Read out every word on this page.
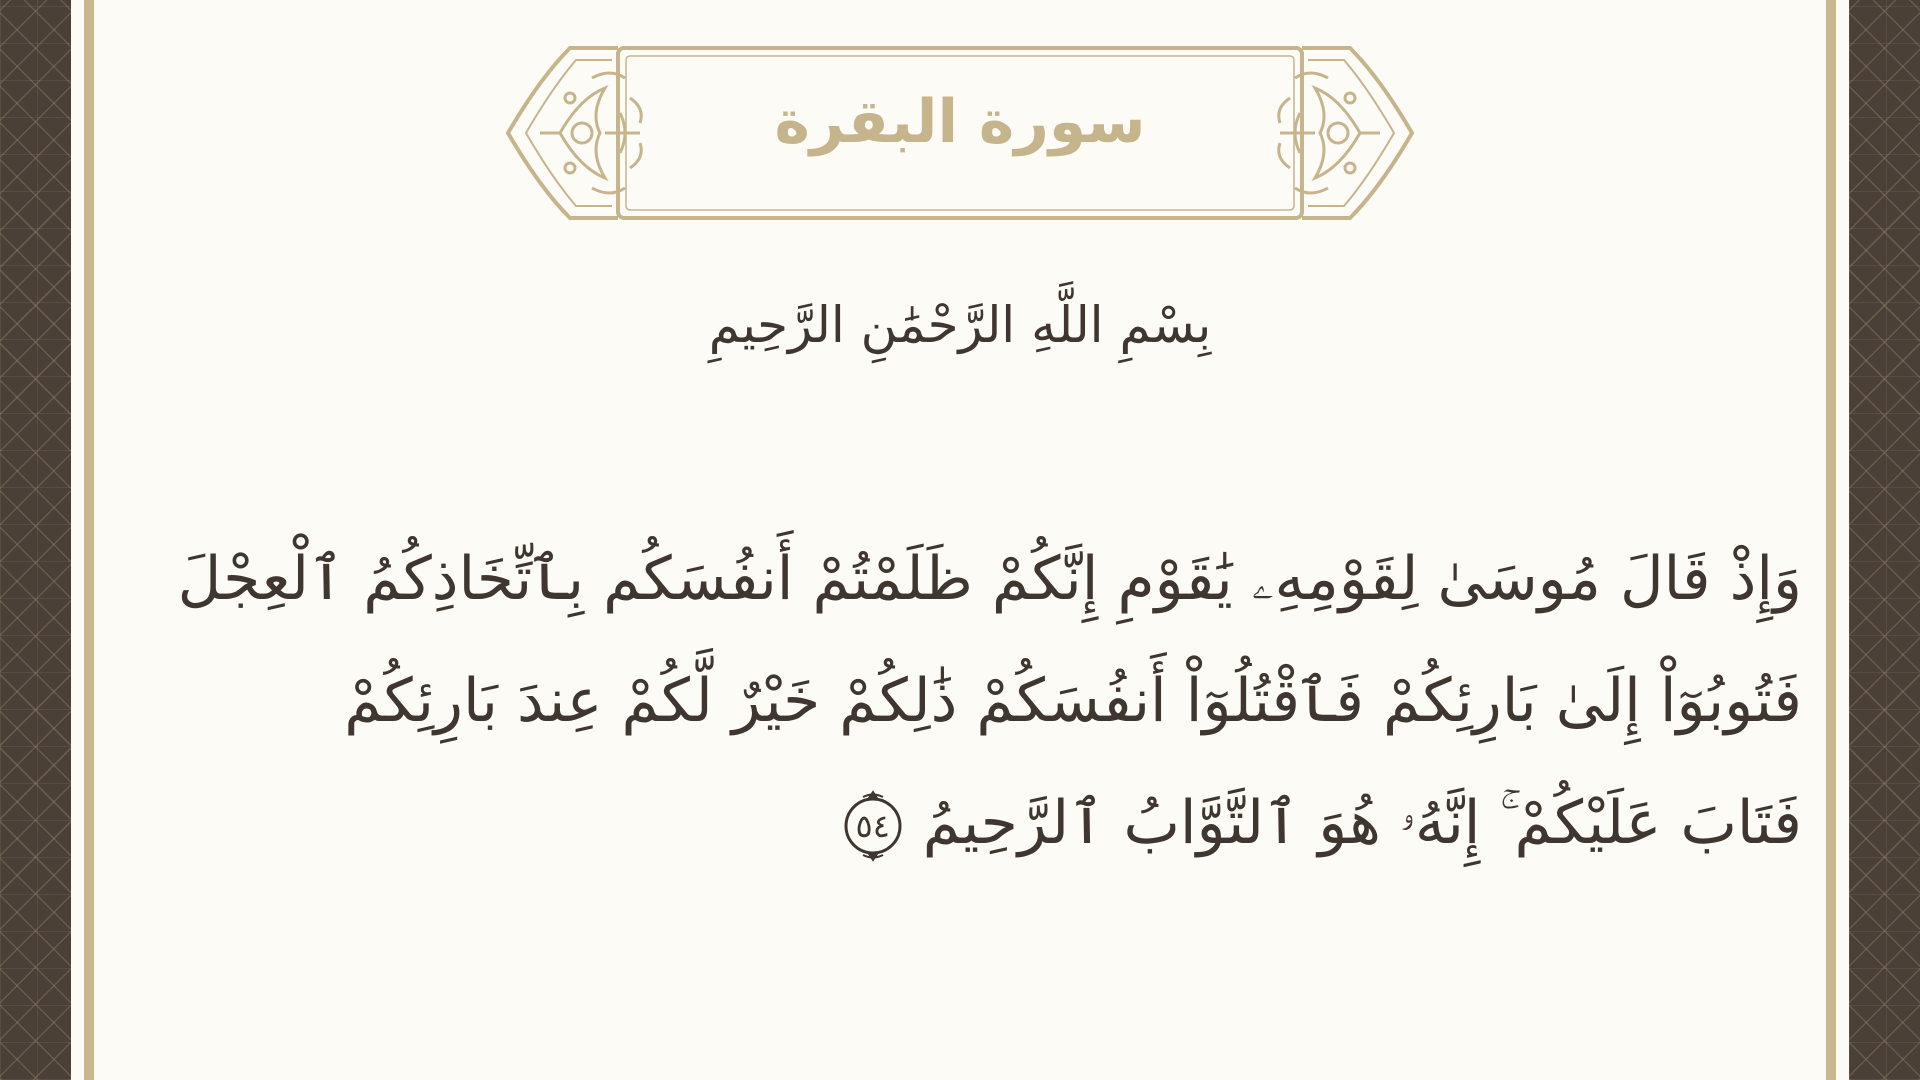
سورة البقرة
بِسْمِ اللَّهِ الرَّحْمَٰنِ الرَّحِيمِ
وَإِذْ قَالَ مُوسَىٰ لِقَوْمِهِۦ يَٰقَوْمِ إِنَّكُمْ ظَلَمْتُمْ أَنفُسَكُم بِٱتِّخَاذِكُمُ ٱلْعِجْلَ
فَتُوبُوٓاْ إِلَىٰ بَارِئِكُمْ فَٱقْتُلُوٓاْ أَنفُسَكُمْ ذَٰلِكُمْ خَيْرٌ لَّكُمْ عِندَ بَارِئِكُمْ
فَتَابَ عَلَيْكُمْ ۚ إِنَّهُۥ هُوَ ٱلتَّوَّابُ ٱلرَّحِيمُ
٥٤
